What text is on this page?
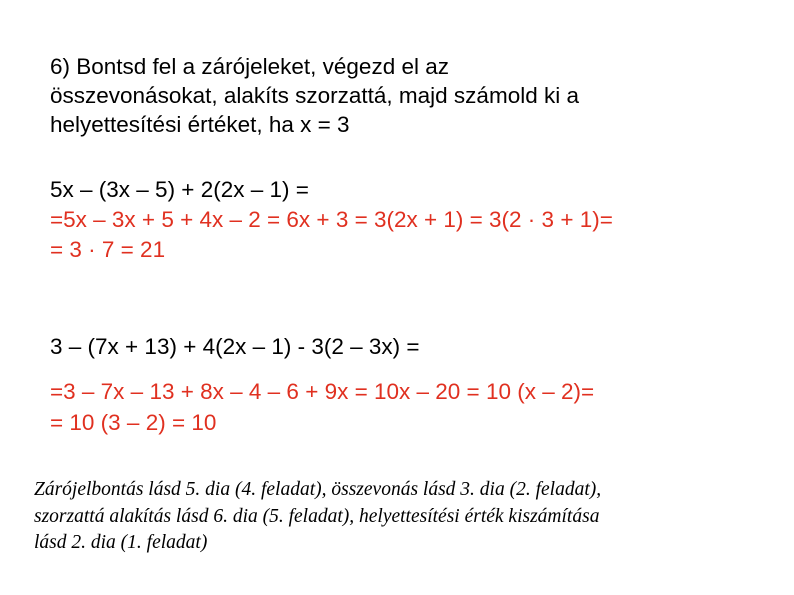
6) Bontsd fel a zárójeleket, végezd el az
összevonásokat, alakíts szorzattá, majd számold ki a
helyettesítési értéket, ha x = 3
5x – (3x – 5) + 2(2x – 1) =
=5x – 3x + 5 + 4x – 2 = 6x + 3 = 3(2x + 1) = 3(2 · 3 + 1)=
= 3 · 7 = 21
3 – (7x + 13) + 4(2x – 1) - 3(2 – 3x) =
=3 – 7x – 13 + 8x – 4 – 6 + 9x = 10x – 20 = 10 (x – 2)=
= 10 (3 – 2) = 10
Zárójelbontás lásd 5. dia (4. feladat), összevonás lásd 3. dia (2. feladat),
szorzattá alakítás lásd 6. dia (5. feladat), helyettesítési érték kiszámítása
lásd 2. dia (1. feladat)
